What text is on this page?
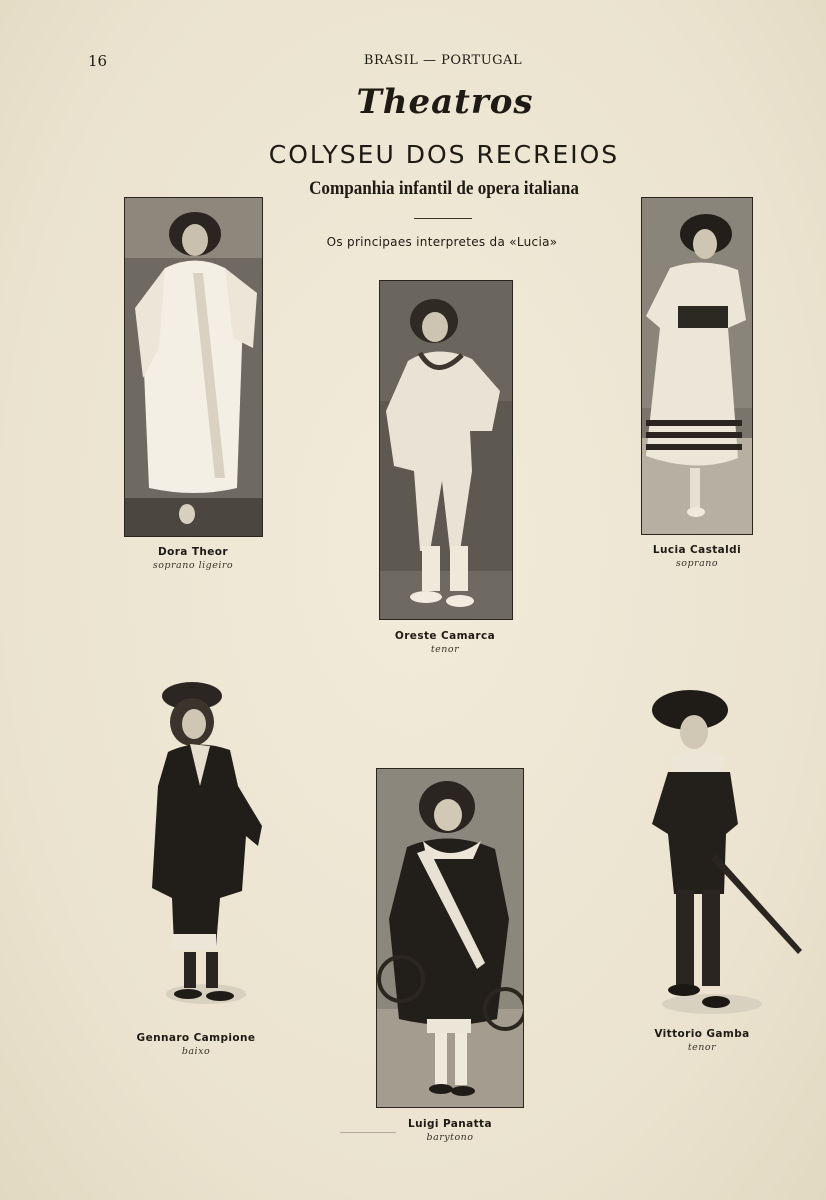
16	BRASIL — PORTUGAL
Theatros
COLYSEU DOS RECREIOS
Companhia infantil de opera italiana
Os principaes interpretes da «Lucia»
Dora Theor
soprano ligeiro
Oreste Camarca
tenor
Lucia Castaldi
soprano
Gennaro Campione
baixo
Luigi Panatta
barytono
Vittorio Gamba
tenor
